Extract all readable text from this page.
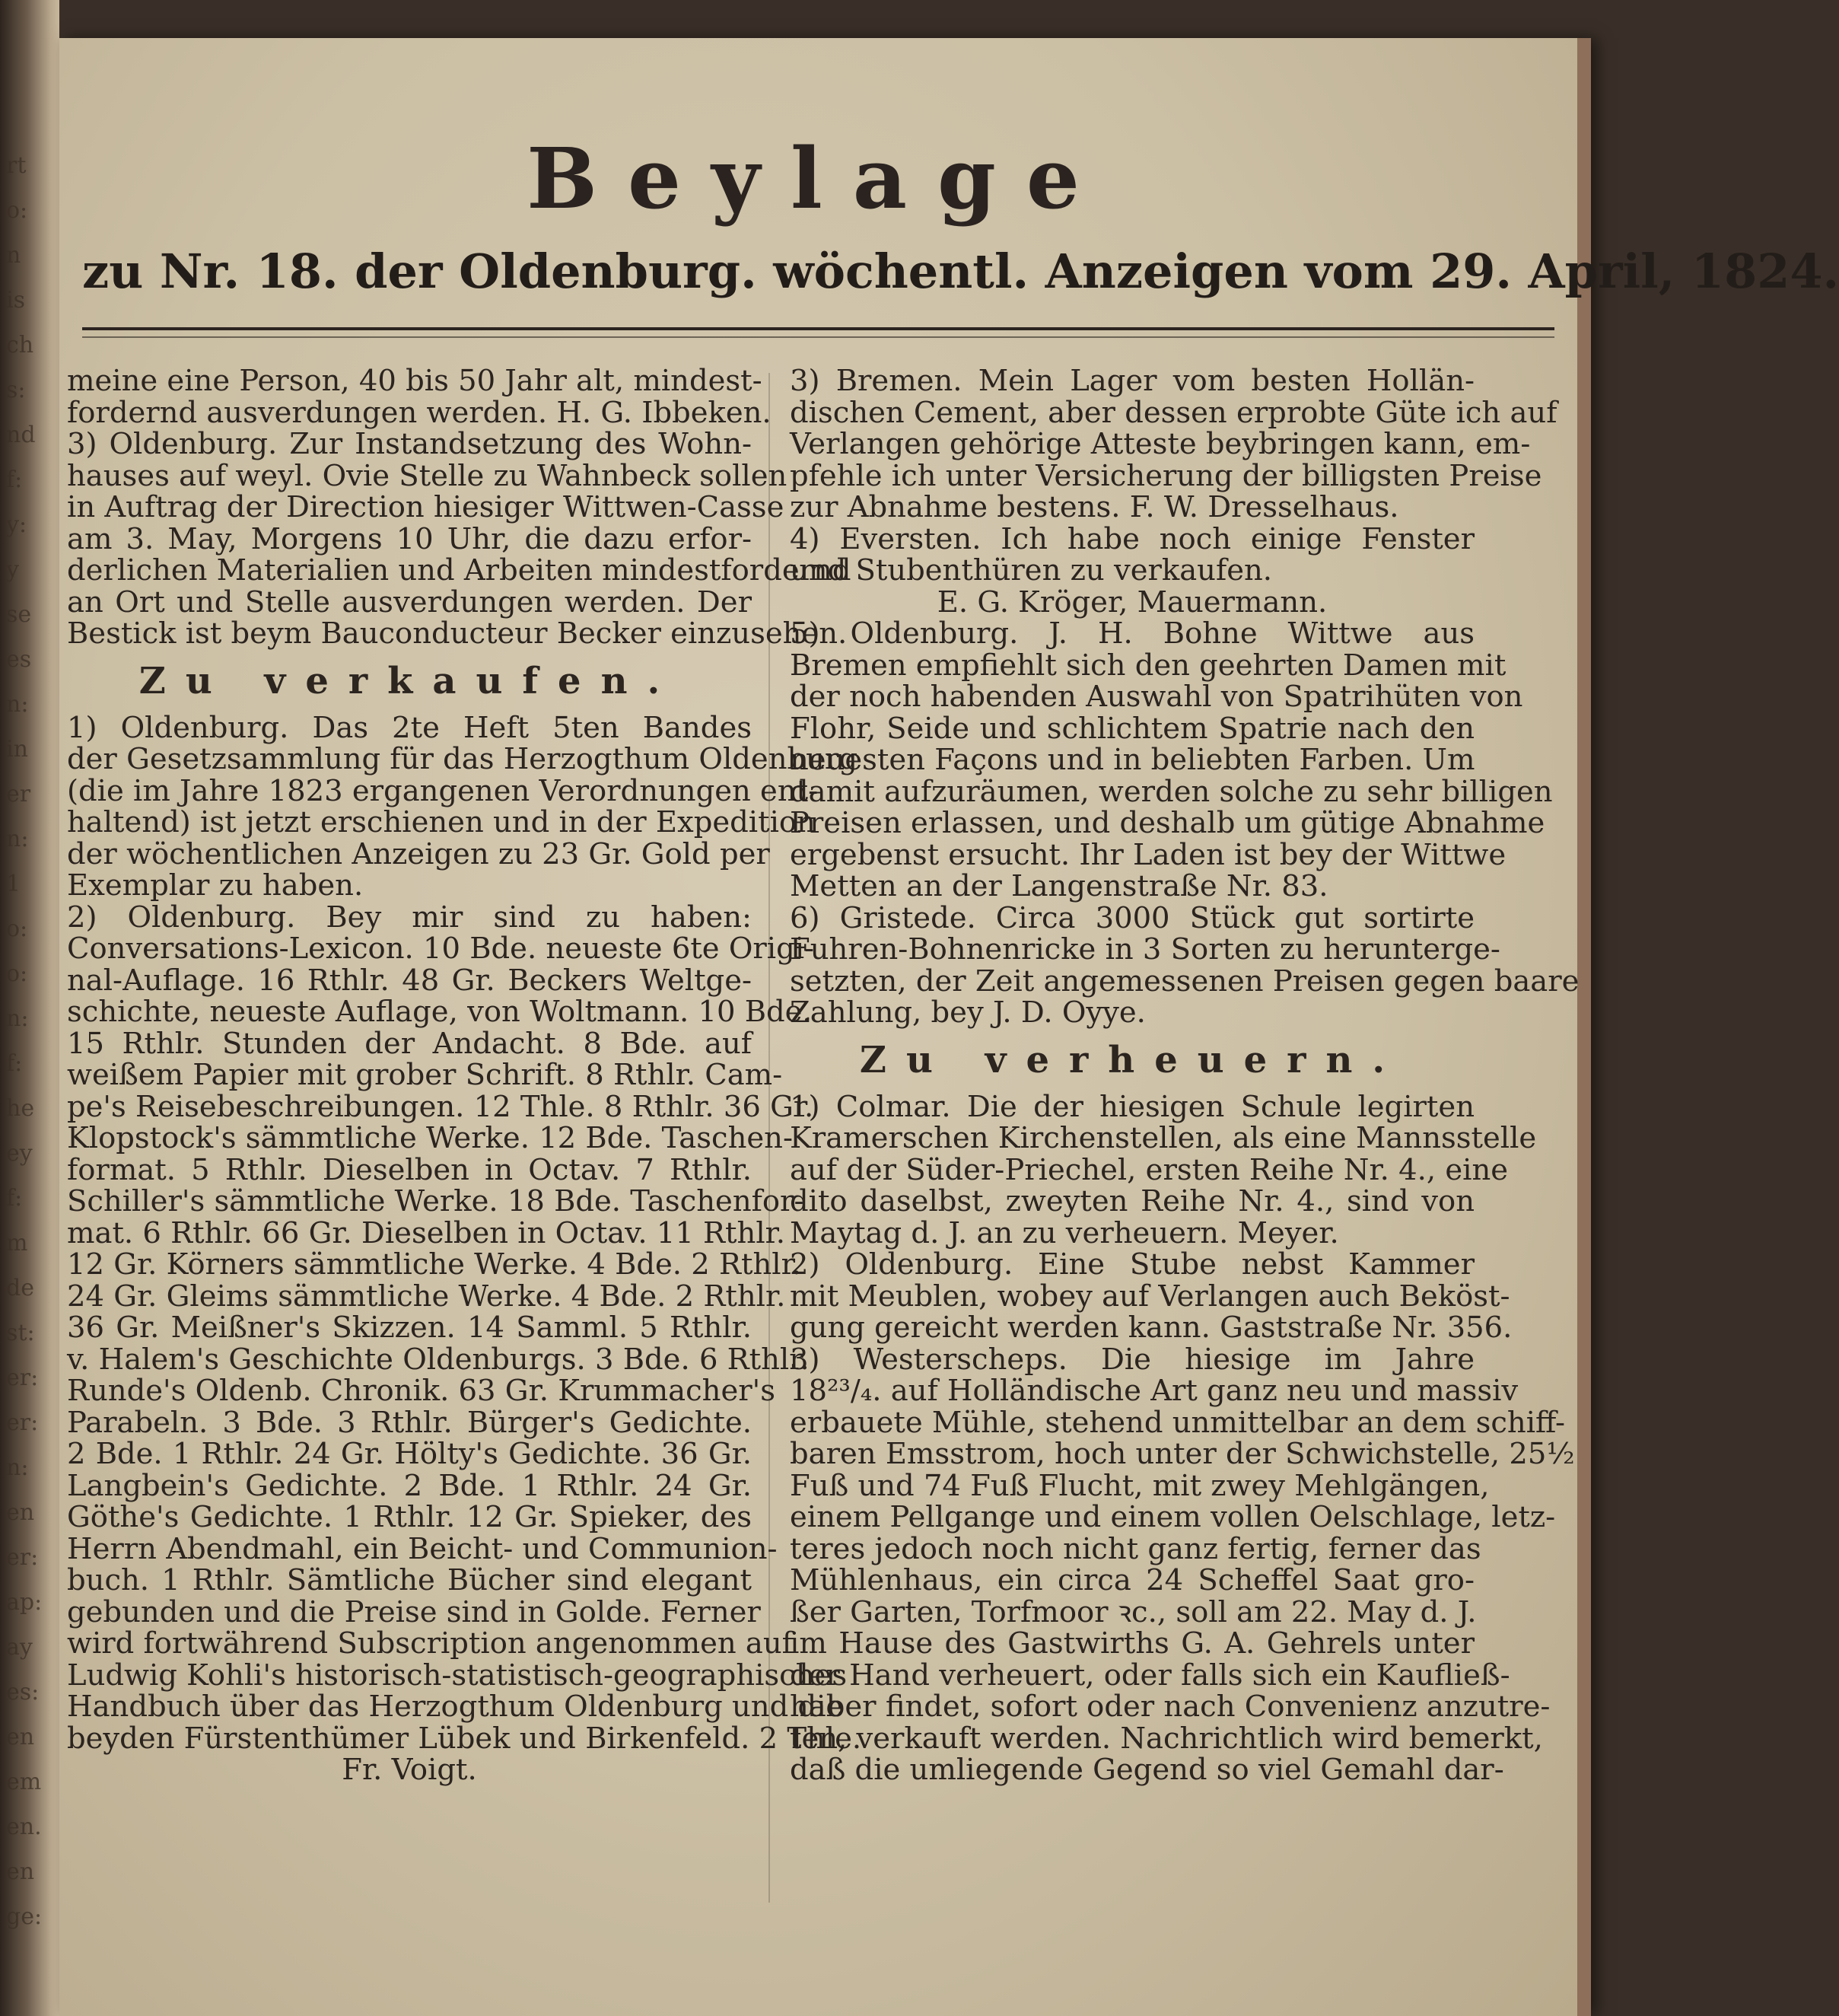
rt
o:
n
is
ch
s:
nd
f:
y:
y
se
es
n:
in
er
n:
1
o:
o:
n:
f:
he
ey
f:
m
de
st:
er:
er:
n:
en
er:
ap:
ay
es:
en
em
en.
en
ge:
Beylage
zu Nr. 18. der Oldenburg. wöchentl. Anzeigen vom 29. April, 1824.
meine eine Person, 40 bis 50 Jahr alt, mindest-
fordernd ausverdungen werden. H. G. Ibbeken.
3) Oldenburg. Zur Instandsetzung des Wohn-
hauses auf weyl. Ovie Stelle zu Wahnbeck sollen
in Auftrag der Direction hiesiger Wittwen-Casse
am 3. May, Morgens 10 Uhr, die dazu erfor-
derlichen Materialien und Arbeiten mindestfordernd
an Ort und Stelle ausverdungen werden. Der
Bestick ist beym Bauconducteur Becker einzusehen.
Zu verkaufen.
1) Oldenburg. Das 2te Heft 5ten Bandes
der Gesetzsammlung für das Herzogthum Oldenburg
(die im Jahre 1823 ergangenen Verordnungen ent-
haltend) ist jetzt erschienen und in der Expedition
der wöchentlichen Anzeigen zu 23 Gr. Gold per
Exemplar zu haben.
2) Oldenburg. Bey mir sind zu haben:
Conversations-Lexicon. 10 Bde. neueste 6te Origi-
nal-Auflage. 16 Rthlr. 48 Gr. Beckers Weltge-
schichte, neueste Auflage, von Woltmann. 10 Bde.
15 Rthlr. Stunden der Andacht. 8 Bde. auf
weißem Papier mit grober Schrift. 8 Rthlr. Cam-
pe's Reisebeschreibungen. 12 Thle. 8 Rthlr. 36 Gr.
Klopstock's sämmtliche Werke. 12 Bde. Taschen-
format. 5 Rthlr. Dieselben in Octav. 7 Rthlr.
Schiller's sämmtliche Werke. 18 Bde. Taschenfor-
mat. 6 Rthlr. 66 Gr. Dieselben in Octav. 11 Rthlr.
12 Gr. Körners sämmtliche Werke. 4 Bde. 2 Rthlr.
24 Gr. Gleims sämmtliche Werke. 4 Bde. 2 Rthlr.
36 Gr. Meißner's Skizzen. 14 Samml. 5 Rthlr.
v. Halem's Geschichte Oldenburgs. 3 Bde. 6 Rthlr.
Runde's Oldenb. Chronik. 63 Gr. Krummacher's
Parabeln. 3 Bde. 3 Rthlr. Bürger's Gedichte.
2 Bde. 1 Rthlr. 24 Gr. Hölty's Gedichte. 36 Gr.
Langbein's Gedichte. 2 Bde. 1 Rthlr. 24 Gr.
Göthe's Gedichte. 1 Rthlr. 12 Gr. Spieker, des
Herrn Abendmahl, ein Beicht- und Communion-
buch. 1 Rthlr. Sämtliche Bücher sind elegant
gebunden und die Preise sind in Golde. Ferner
wird fortwährend Subscription angenommen auf
Ludwig Kohli's historisch-statistisch-geographisches
Handbuch über das Herzogthum Oldenburg und die
beyden Fürstenthümer Lübek und Birkenfeld. 2 Thle.
Fr. Voigt.
3) Bremen. Mein Lager vom besten Hollän-
dischen Cement, aber dessen erprobte Güte ich auf
Verlangen gehörige Atteste beybringen kann, em-
pfehle ich unter Versicherung der billigsten Preise
zur Abnahme bestens. F. W. Dresselhaus.
4) Eversten. Ich habe noch einige Fenster
und Stubenthüren zu verkaufen.
E. G. Kröger, Mauermann.
5) Oldenburg. J. H. Bohne Wittwe aus
Bremen empfiehlt sich den geehrten Damen mit
der noch habenden Auswahl von Spatrihüten von
Flohr, Seide und schlichtem Spatrie nach den
neuesten Façons und in beliebten Farben. Um
damit aufzuräumen, werden solche zu sehr billigen
Preisen erlassen, und deshalb um gütige Abnahme
ergebenst ersucht. Ihr Laden ist bey der Wittwe
Metten an der Langenstraße Nr. 83.
6) Gristede. Circa 3000 Stück gut sortirte
Fuhren-Bohnenricke in 3 Sorten zu herunterge-
setzten, der Zeit angemessenen Preisen gegen baare
Zahlung, bey J. D. Oyye.
Zu verheuern.
1) Colmar. Die der hiesigen Schule legirten
Kramerschen Kirchenstellen, als eine Mannsstelle
auf der Süder-Priechel, ersten Reihe Nr. 4., eine
dito daselbst, zweyten Reihe Nr. 4., sind von
Maytag d. J. an zu verheuern. Meyer.
2) Oldenburg. Eine Stube nebst Kammer
mit Meublen, wobey auf Verlangen auch Beköst-
gung gereicht werden kann. Gaststraße Nr. 356.
3) Westerscheps. Die hiesige im Jahre
18²³/₄. auf Holländische Art ganz neu und massiv
erbauete Mühle, stehend unmittelbar an dem schiff-
baren Emsstrom, hoch unter der Schwichstelle, 25½
Fuß und 74 Fuß Flucht, mit zwey Mehlgängen,
einem Pellgange und einem vollen Oelschlage, letz-
teres jedoch noch nicht ganz fertig, ferner das
Mühlenhaus, ein circa 24 Scheffel Saat gro-
ßer Garten, Torfmoor ꝛc., soll am 22. May d. J.
im Hause des Gastwirths G. A. Gehrels unter
der Hand verheuert, oder falls sich ein Kaufließ-
haber findet, sofort oder nach Convenienz anzutre-
ten, verkauft werden. Nachrichtlich wird bemerkt,
daß die umliegende Gegend so viel Gemahl dar-
